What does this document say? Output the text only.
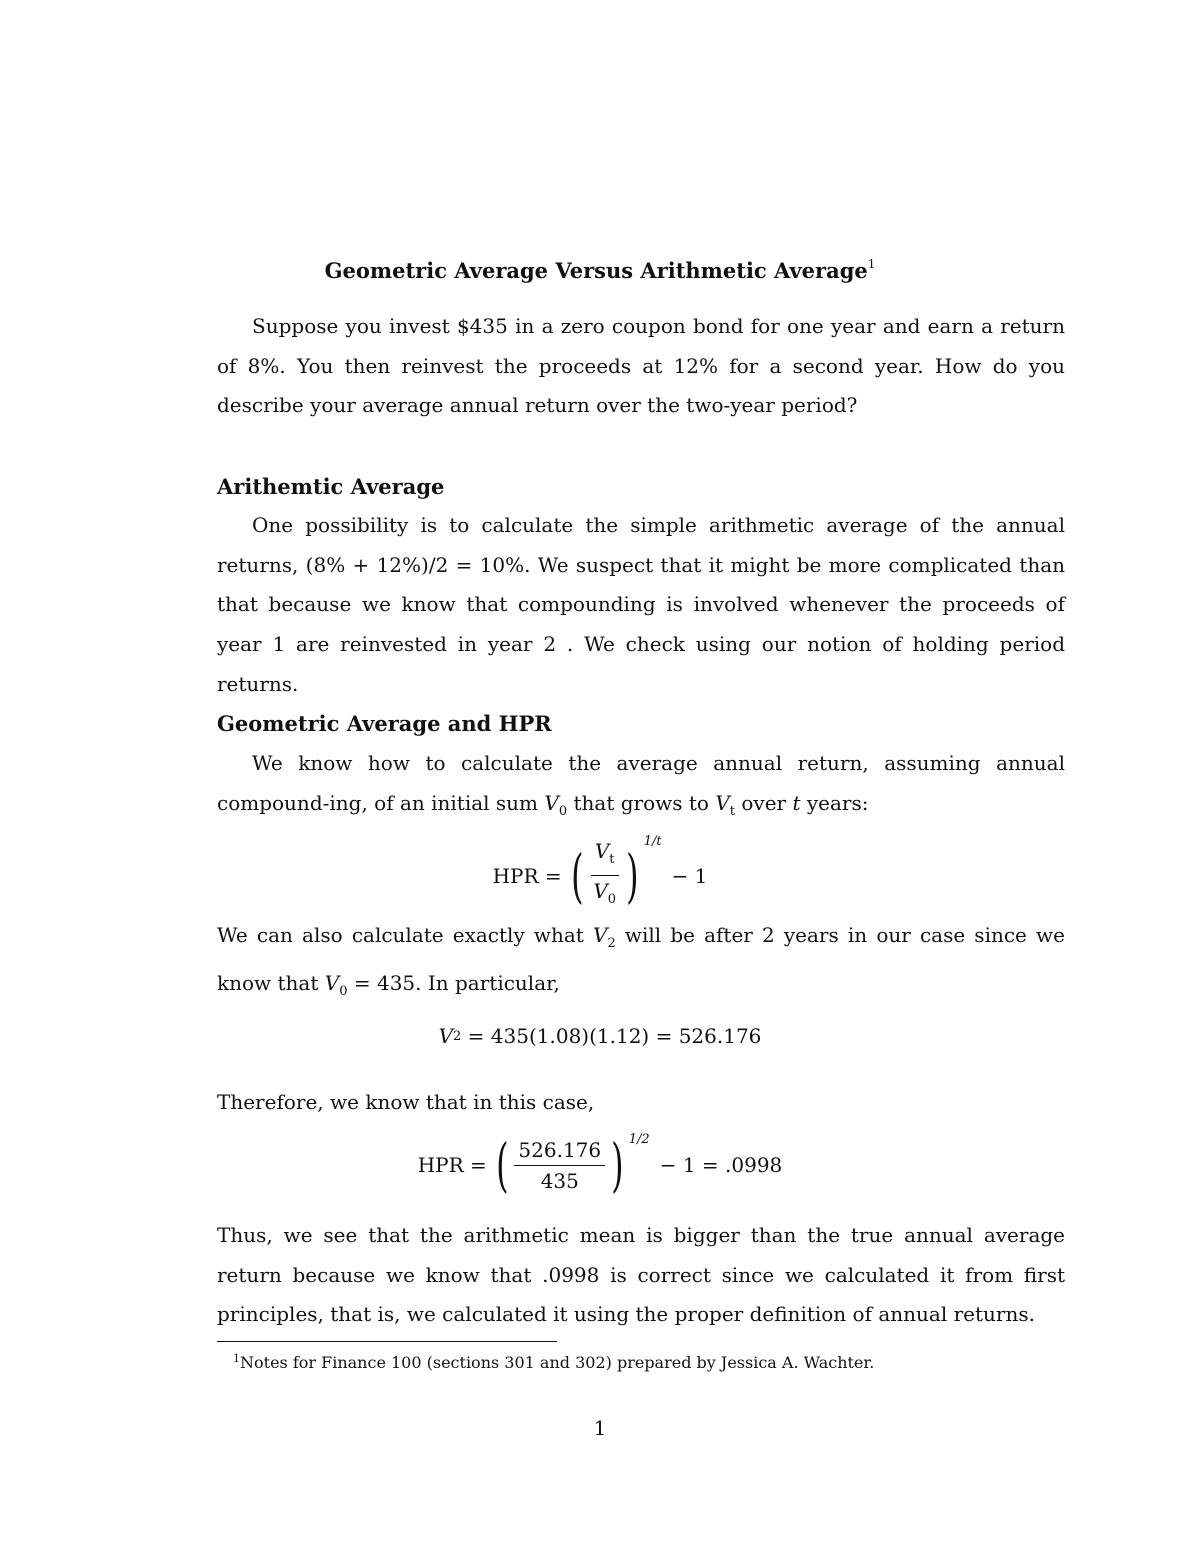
Geometric Average Versus Arithmetic Average$^1$

Suppose you invest $435 in a zero coupon bond for one year and earn a return of 8%. You then reinvest the proceeds at 12% for a second year. How do you describe your average annual return over the two-year period?

Arithemtic Average

One possibility is to calculate the simple arithmetic average of the annual returns, (8% + 12%)/2 = 10%. We suspect that it might be more complicated than that because we know that compounding is involved whenever the proceeds of year 1 are reinvested in year 2 . We check using our notion of holding period returns.

Geometric Average and HPR

We know how to calculate the average annual return, assuming annual compound-ing, of an initial sum $V_0$ that grows to $V_t$ over t years:

HPR = ( $\frac{V_t}{V_0}$ ) 1/t
− 1

We can also calculate exactly what $V_2$ will be after 2 years in our case since we know that $V_0 = 435$. In particular,

V 2 = 435(1.08)(1.12) = 526.176

Therefore, we know that in this case,

HPR = ( $\frac{526.176}{435}$ ) 1/2
− 1 = .0998

Thus, we see that the arithmetic mean is bigger than the true annual average return because we know that .0998 is correct since we calculated it from first principles, that is, we calculated it using the proper definition of annual returns.

$^1$Notes for Finance 100 (sections 301 and 302) prepared by Jessica A. Wachter.
1
